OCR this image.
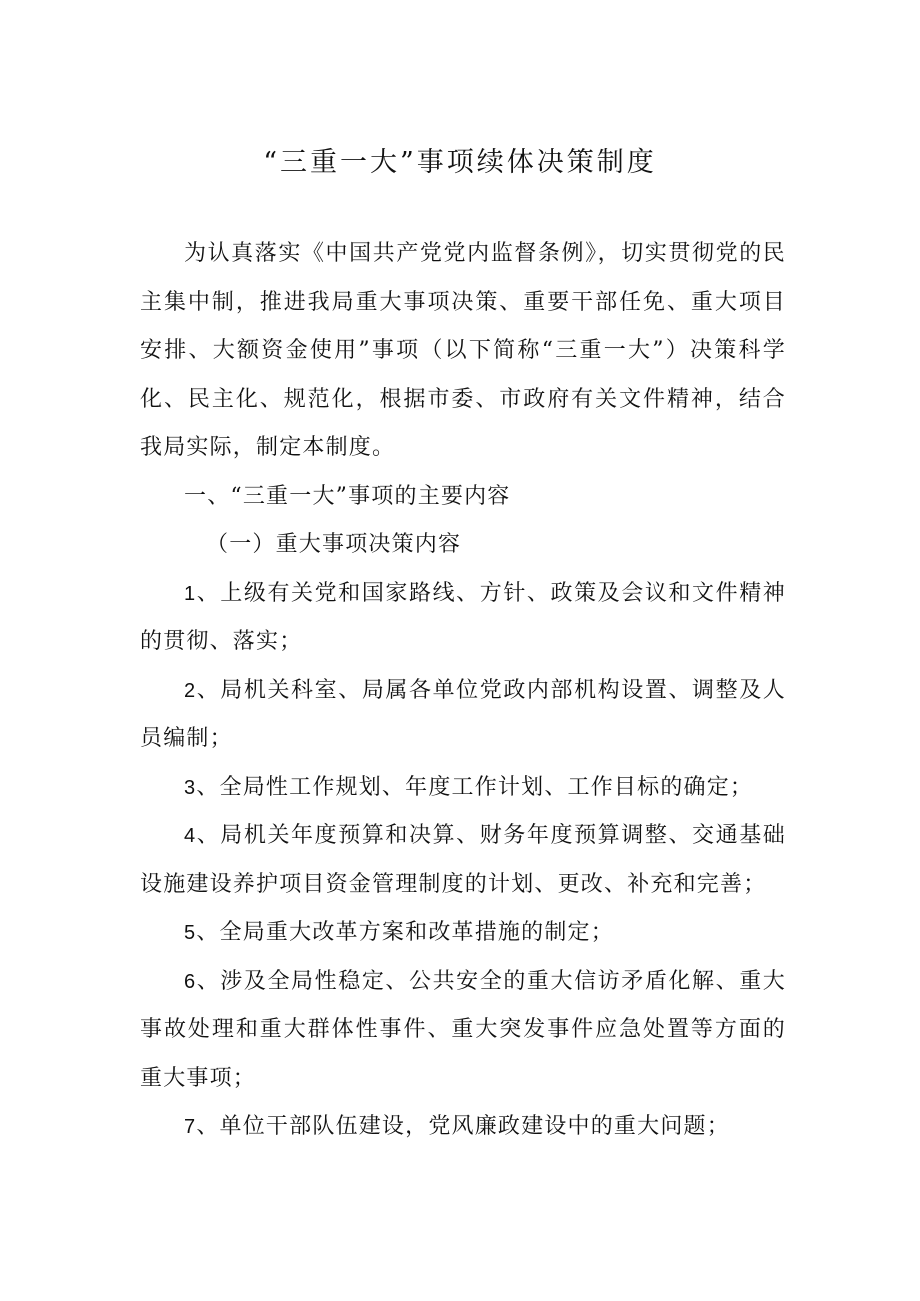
“三重一大”事项续体决策制度

为认真落实《中国共产党党内监督条例》，切实贯彻党的民主集中制，推进我局重大事项决策、重要干部任免、重大项目安排、大额资金使用”事项（以下简称“三重一大”）决策科学化、民主化、规范化，根据市委、市政府有关文件精神，结合我局实际，制定本制度。

一、“三重一大”事项的主要内容

（一）重大事项决策内容

1、上级有关党和国家路线、方针、政策及会议和文件精神的贯彻、落实；

2、局机关科室、局属各单位党政内部机构设置、调整及人员编制；

3、全局性工作规划、年度工作计划、工作目标的确定；

4、局机关年度预算和决算、财务年度预算调整、交通基础设施建设养护项目资金管理制度的计划、更改、补充和完善；

5、全局重大改革方案和改革措施的制定；

6、涉及全局性稳定、公共安全的重大信访矛盾化解、重大事故处理和重大群体性事件、重大突发事件应急处置等方面的重大事项；

7、单位干部队伍建设，党风廉政建设中的重大问题；
